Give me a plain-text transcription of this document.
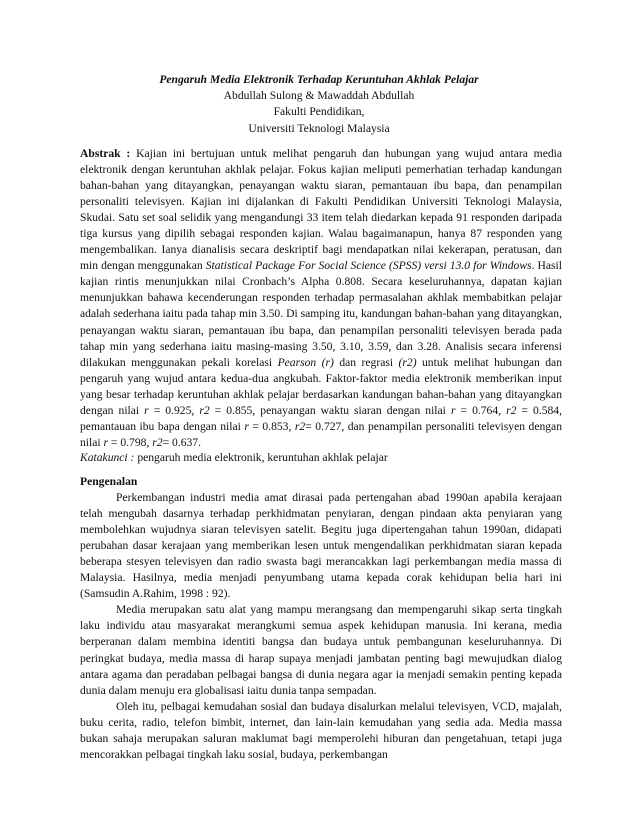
Pengaruh Media Elektronik Terhadap Keruntuhan Akhlak Pelajar
Abdullah Sulong & Mawaddah Abdullah
Fakulti Pendidikan,
Universiti Teknologi Malaysia

Abstrak : Kajian ini bertujuan untuk melihat pengaruh dan hubungan yang wujud antara media elektronik dengan keruntuhan akhlak pelajar. Fokus kajian meliputi pemerhatian terhadap kandungan bahan-bahan yang ditayangkan, penayangan waktu siaran, pemantauan ibu bapa, dan penampilan personaliti televisyen. Kajian ini dijalankan di Fakulti Pendidikan Universiti Teknologi Malaysia, Skudai. Satu set soal selidik yang mengandungi 33 item telah diedarkan kepada 91 responden daripada tiga kursus yang dipilih sebagai responden kajian. Walau bagaimanapun, hanya 87 responden yang mengembalikan. Ianya dianalisis secara deskriptif bagi mendapatkan nilai kekerapan, peratusan, dan min dengan menggunakan Statistical Package For Social Science (SPSS) versi 13.0 for Windows. Hasil kajian rintis menunjukkan nilai Cronbach’s Alpha 0.808. Secara keseluruhannya, dapatan kajian menunjukkan bahawa kecenderungan responden terhadap permasalahan akhlak membabitkan pelajar adalah sederhana iaitu pada tahap min 3.50. Di samping itu, kandungan bahan-bahan yang ditayangkan, penayangan waktu siaran, pemantauan ibu bapa, dan penampilan personaliti televisyen berada pada tahap min yang sederhana iaitu masing-masing 3.50, 3.10, 3.59, dan 3.28. Analisis secara inferensi dilakukan menggunakan pekali korelasi Pearson (r) dan regrasi (r2) untuk melihat hubungan dan pengaruh yang wujud antara kedua-dua angkubah. Faktor-faktor media elektronik memberikan input yang besar terhadap keruntuhan akhlak pelajar berdasarkan kandungan bahan-bahan yang ditayangkan dengan nilai r = 0.925, r2 = 0.855, penayangan waktu siaran dengan nilai r = 0.764, r2 = 0.584, pemantauan ibu bapa dengan nilai r = 0.853, r2= 0.727, dan penampilan personaliti televisyen dengan nilai r = 0.798, r2= 0.637.

Katakunci : pengaruh media elektronik, keruntuhan akhlak pelajar

Pengenalan

Perkembangan industri media amat dirasai pada pertengahan abad 1990an apabila kerajaan telah mengubah dasarnya terhadap perkhidmatan penyiaran, dengan pindaan akta penyiaran yang membolehkan wujudnya siaran televisyen satelit. Begitu juga dipertengahan tahun 1990an, didapati perubahan dasar kerajaan yang memberikan lesen untuk mengendalikan perkhidmatan siaran kepada beberapa stesyen televisyen dan radio swasta bagi merancakkan lagi perkembangan media massa di Malaysia. Hasilnya, media menjadi penyumbang utama kepada corak kehidupan belia hari ini (Samsudin A.Rahim, 1998 : 92).

Media merupakan satu alat yang mampu merangsang dan mempengaruhi sikap serta tingkah laku individu atau masyarakat merangkumi semua aspek kehidupan manusia. Ini kerana, media berperanan dalam membina identiti bangsa dan budaya untuk pembangunan keseluruhannya. Di peringkat budaya, media massa di harap supaya menjadi jambatan penting bagi mewujudkan dialog antara agama dan peradaban pelbagai bangsa di dunia negara agar ia menjadi semakin penting kepada dunia dalam menuju era globalisasi iaitu dunia tanpa sempadan.

Oleh itu, pelbagai kemudahan sosial dan budaya disalurkan melalui televisyen, VCD, majalah, buku cerita, radio, telefon bimbit, internet, dan lain-lain kemudahan yang sedia ada. Media massa bukan sahaja merupakan saluran maklumat bagi memperolehi hiburan dan pengetahuan, tetapi juga mencorakkan pelbagai tingkah laku sosial, budaya, perkembangan
